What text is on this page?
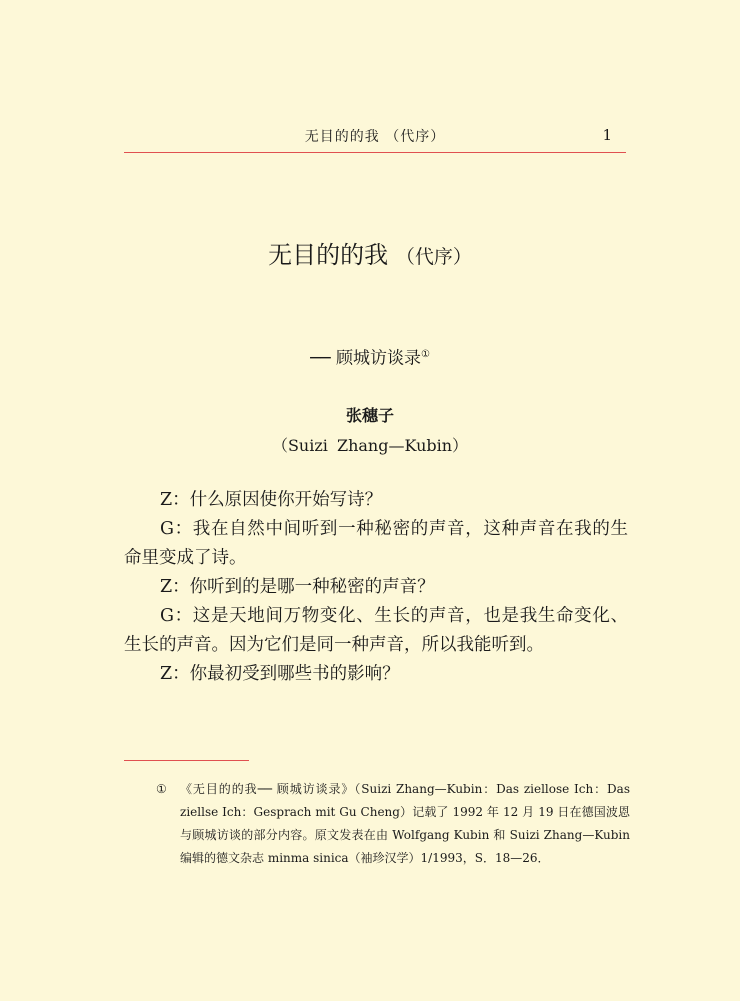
无目的的我 （代序）	1
无目的的我 （代序）
── 顾城访谈录①
张穗子
（Suizi Zhang—Kubin）

Z：什么原因使你开始写诗？

G：我在自然中间听到一种秘密的声音，这种声音在我的生命里变成了诗。

Z：你听到的是哪一种秘密的声音？

G：这是天地间万物变化、生长的声音，也是我生命变化、生长的声音。因为它们是同一种声音，所以我能听到。

Z：你最初受到哪些书的影响？

① 《无目的的我── 顾城访谈录》（Suizi Zhang—Kubin：Das ziellose Ich：Das ziellse Ich：Gesprach mit Gu Cheng）记载了 1992 年 12 月 19 日在德国波恩与顾城访谈的部分内容。原文发表在由 Wolfgang Kubin 和 Suizi Zhang—Kubin 编辑的德文杂志 minma sinica（袖珍汉学）1/1993，S．18—26．
